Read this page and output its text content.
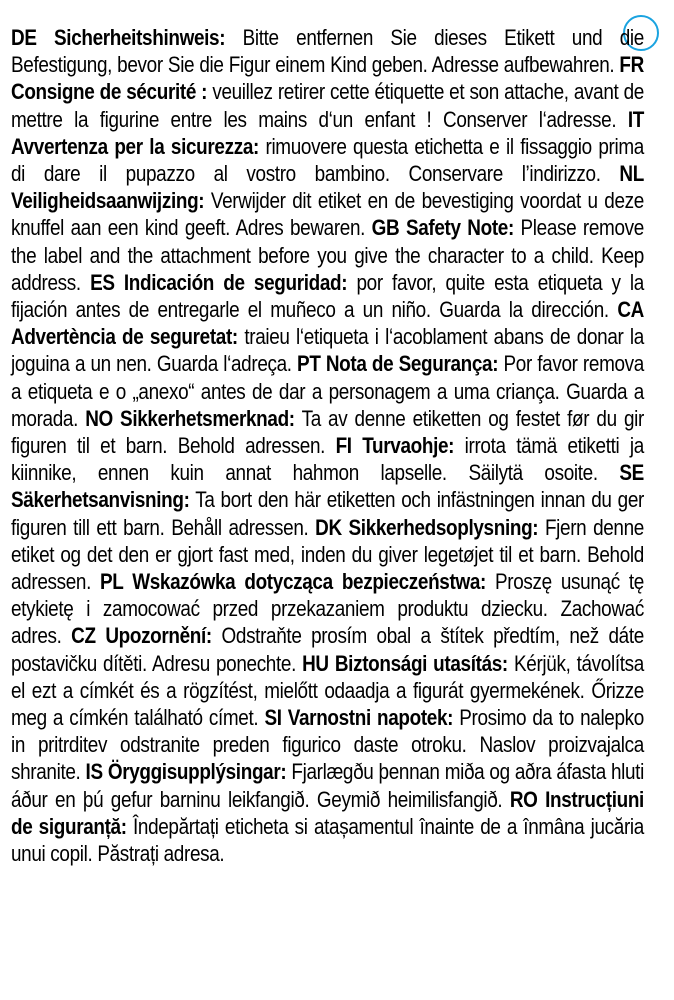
DE Sicherheitshinweis: Bitte entfernen Sie dieses Etikett und die Befestigung, bevor Sie die Figur einem Kind geben. Adresse aufbewahren. FR Consigne de sécurité : veuillez retirer cette étiquette et son attache, avant de mettre la figurine entre les mains d‘un enfant ! Conserver l‘adresse. IT Avvertenza per la sicurezza: rimuovere questa etichetta e il fissaggio prima di dare il pupazzo al vostro bambino. Conservare l’indirizzo. NL Veiligheidsaanwijzing: Verwijder dit etiket en de bevestiging voordat u deze knuffel aan een kind geeft. Adres bewaren. GB Safety Note: Please remove the label and the attachment before you give the character to a child. Keep address. ES Indicación de seguridad: por favor, quite esta etiqueta y la fijación antes de entregarle el muñeco a un niño. Guarda la dirección. CA Advertència de seguretat: traieu l‘etiqueta i l‘acoblament abans de donar la joguina a un nen. Guarda l‘adreça. PT Nota de Segurança: Por favor remova a etiqueta e o „anexo“ antes de dar a personagem a uma criança. Guarda a morada. NO Sikkerhetsmerknad: Ta av denne etiketten og festet før du gir figuren til et barn. Behold adressen. FI Turvaohje: irrota tämä etiketti ja kiinnike, ennen kuin annat hahmon lapselle. Säilytä osoite. SE Säkerhetsanvisning: Ta bort den här etiketten och infästningen innan du ger figuren till ett barn. Behåll adressen. DK Sikkerhedsoplysning: Fjern denne etiket og det den er gjort fast med, inden du giver legetøjet til et barn. Behold adressen. PL Wskazówka dotycząca bezpieczeństwa: Proszę usunąć tę etykietę i zamocować przed przekazaniem produktu dziecku. Zachować adres. CZ Upozornění: Odstraňte prosím obal a štítek předtím, než dáte postavičku dítěti. Adresu ponechte. HU Biztonsági utasítás: Kérjük, távolítsa el ezt a címkét és a rögzítést, mielőtt odaadja a figurát gyermekének. Őrizze meg a címkén található címet. SI Varnostni napotek: Prosimo da to nalepko in pritrditev odstranite preden figurico daste otroku. Naslov proizvajalca shranite. IS Öryggisupplýsingar: Fjarlægðu þennan miða og aðra áfasta hluti áður en þú gefur barninu leikfangið. Geymið heimilisfangið. RO Instrucțiuni de siguranță: Îndepărtați eticheta si atașamentul înainte de a înmâna jucăria unui copil. Păstrați adresa.
